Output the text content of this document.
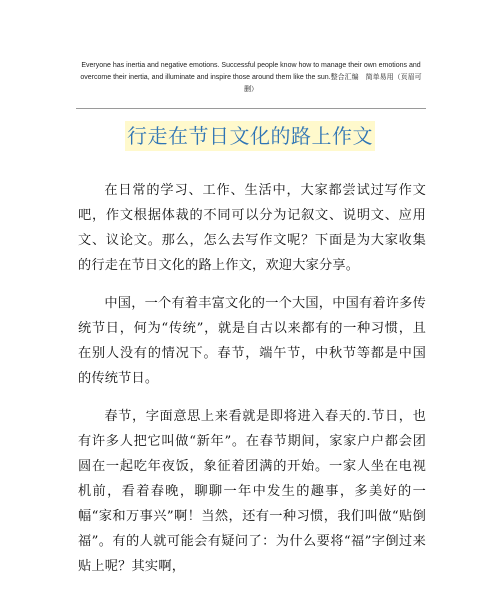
Everyone has inertia and negative emotions. Successful people know how to manage their own emotions and overcome their inertia, and illuminate and inspire those around them like the sun.整合汇编　简单易用（页眉可删）
行走在节日文化的路上作文

在日常的学习、工作、生活中，大家都尝试过写作文吧，作文根据体裁的不同可以分为记叙文、说明文、应用文、议论文。那么，怎么去写作文呢？下面是为大家收集的行走在节日文化的路上作文，欢迎大家分享。

中国，一个有着丰富文化的一个大国，中国有着许多传统节日，何为“传统”，就是自古以来都有的一种习惯，且在别人没有的情况下。春节，端午节，中秋节等都是中国的传统节日。

春节，字面意思上来看就是即将进入春天的.节日，也有许多人把它叫做“新年”。在春节期间，家家户户都会团圆在一起吃年夜饭，象征着团满的开始。一家人坐在电视机前，看着春晚，聊聊一年中发生的趣事，多美好的一幅“家和万事兴”啊！当然，还有一种习惯，我们叫做“贴倒福”。有的人就可能会有疑问了：为什么要将“福”字倒过来贴上呢？其实啊，
